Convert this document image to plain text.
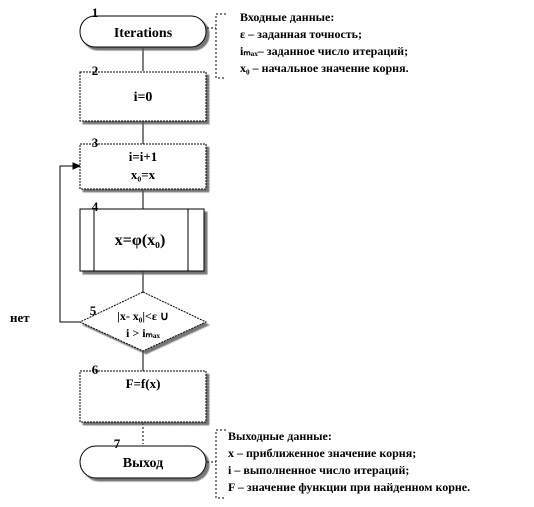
Iterations
1	Входные данные:
ε – заданная точность;
iₘₐₓ– заданное число итераций;
x₀ – начальное значение корня.
i=0
2
i=i+1
x₀=x
3
x=φ(x₀)
4
|x- x₀|<ε ∪
i > iₘₐₓ
5
нет
F=f(x)
6
Выход
7	Выходные данные:
x – приближенное значение корня;
i – выполненное число итераций;
F – значение функции при найденном корне.
